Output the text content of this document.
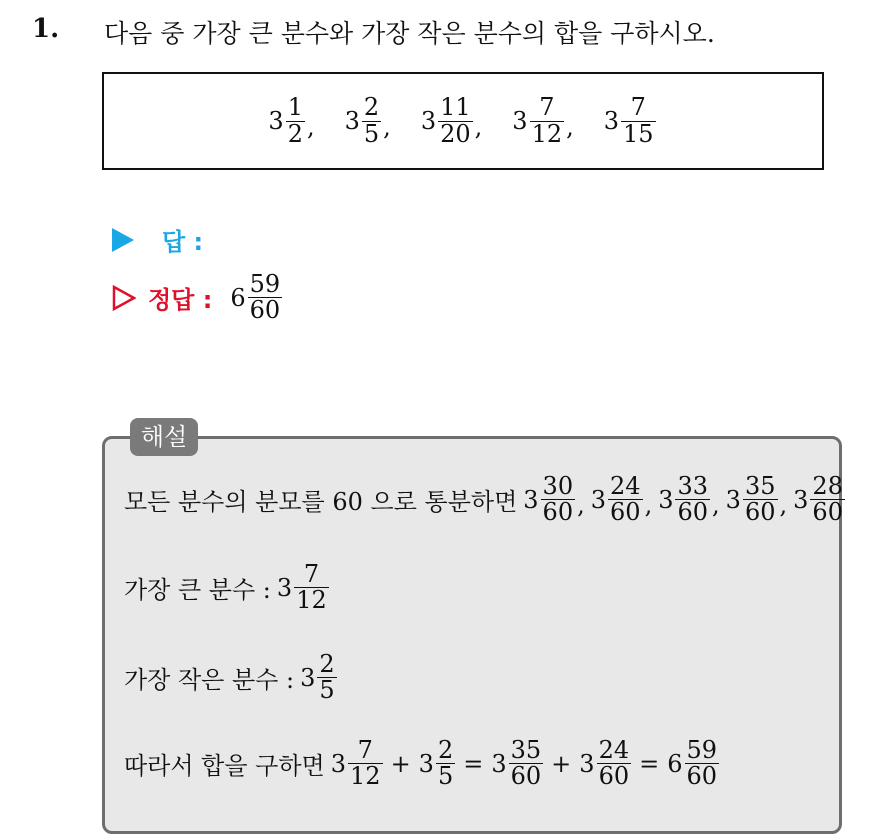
1. 다음 중 가장 큰 분수와 가장 작은 분수의 합을 구하시오.
$3 \frac{1}{2}$ , $3 \frac{2}{5}$ , $3 \frac{11}{20}$ , $3 \frac{7}{12}$ , $3 \frac{7}{15}$
답 :
정답 : $6 \frac{59}{60}$
해설
모든 분수의 분모를 60 으로 통분하면 $3 \frac{30}{60}$ , $3 \frac{24}{60}$ , $3 \frac{33}{60}$ , $3 \frac{35}{60}$ , $3 \frac{28}{60}$
가장 큰 분수 : $3 \frac{7}{12}$
가장 작은 분수 : $3 \frac{2}{5}$
따라서 합을 구하면 $3 \frac{7}{12} + 3 \frac{2}{5} = 3 \frac{35}{60} + 3 \frac{24}{60} = 6 \frac{59}{60}$
